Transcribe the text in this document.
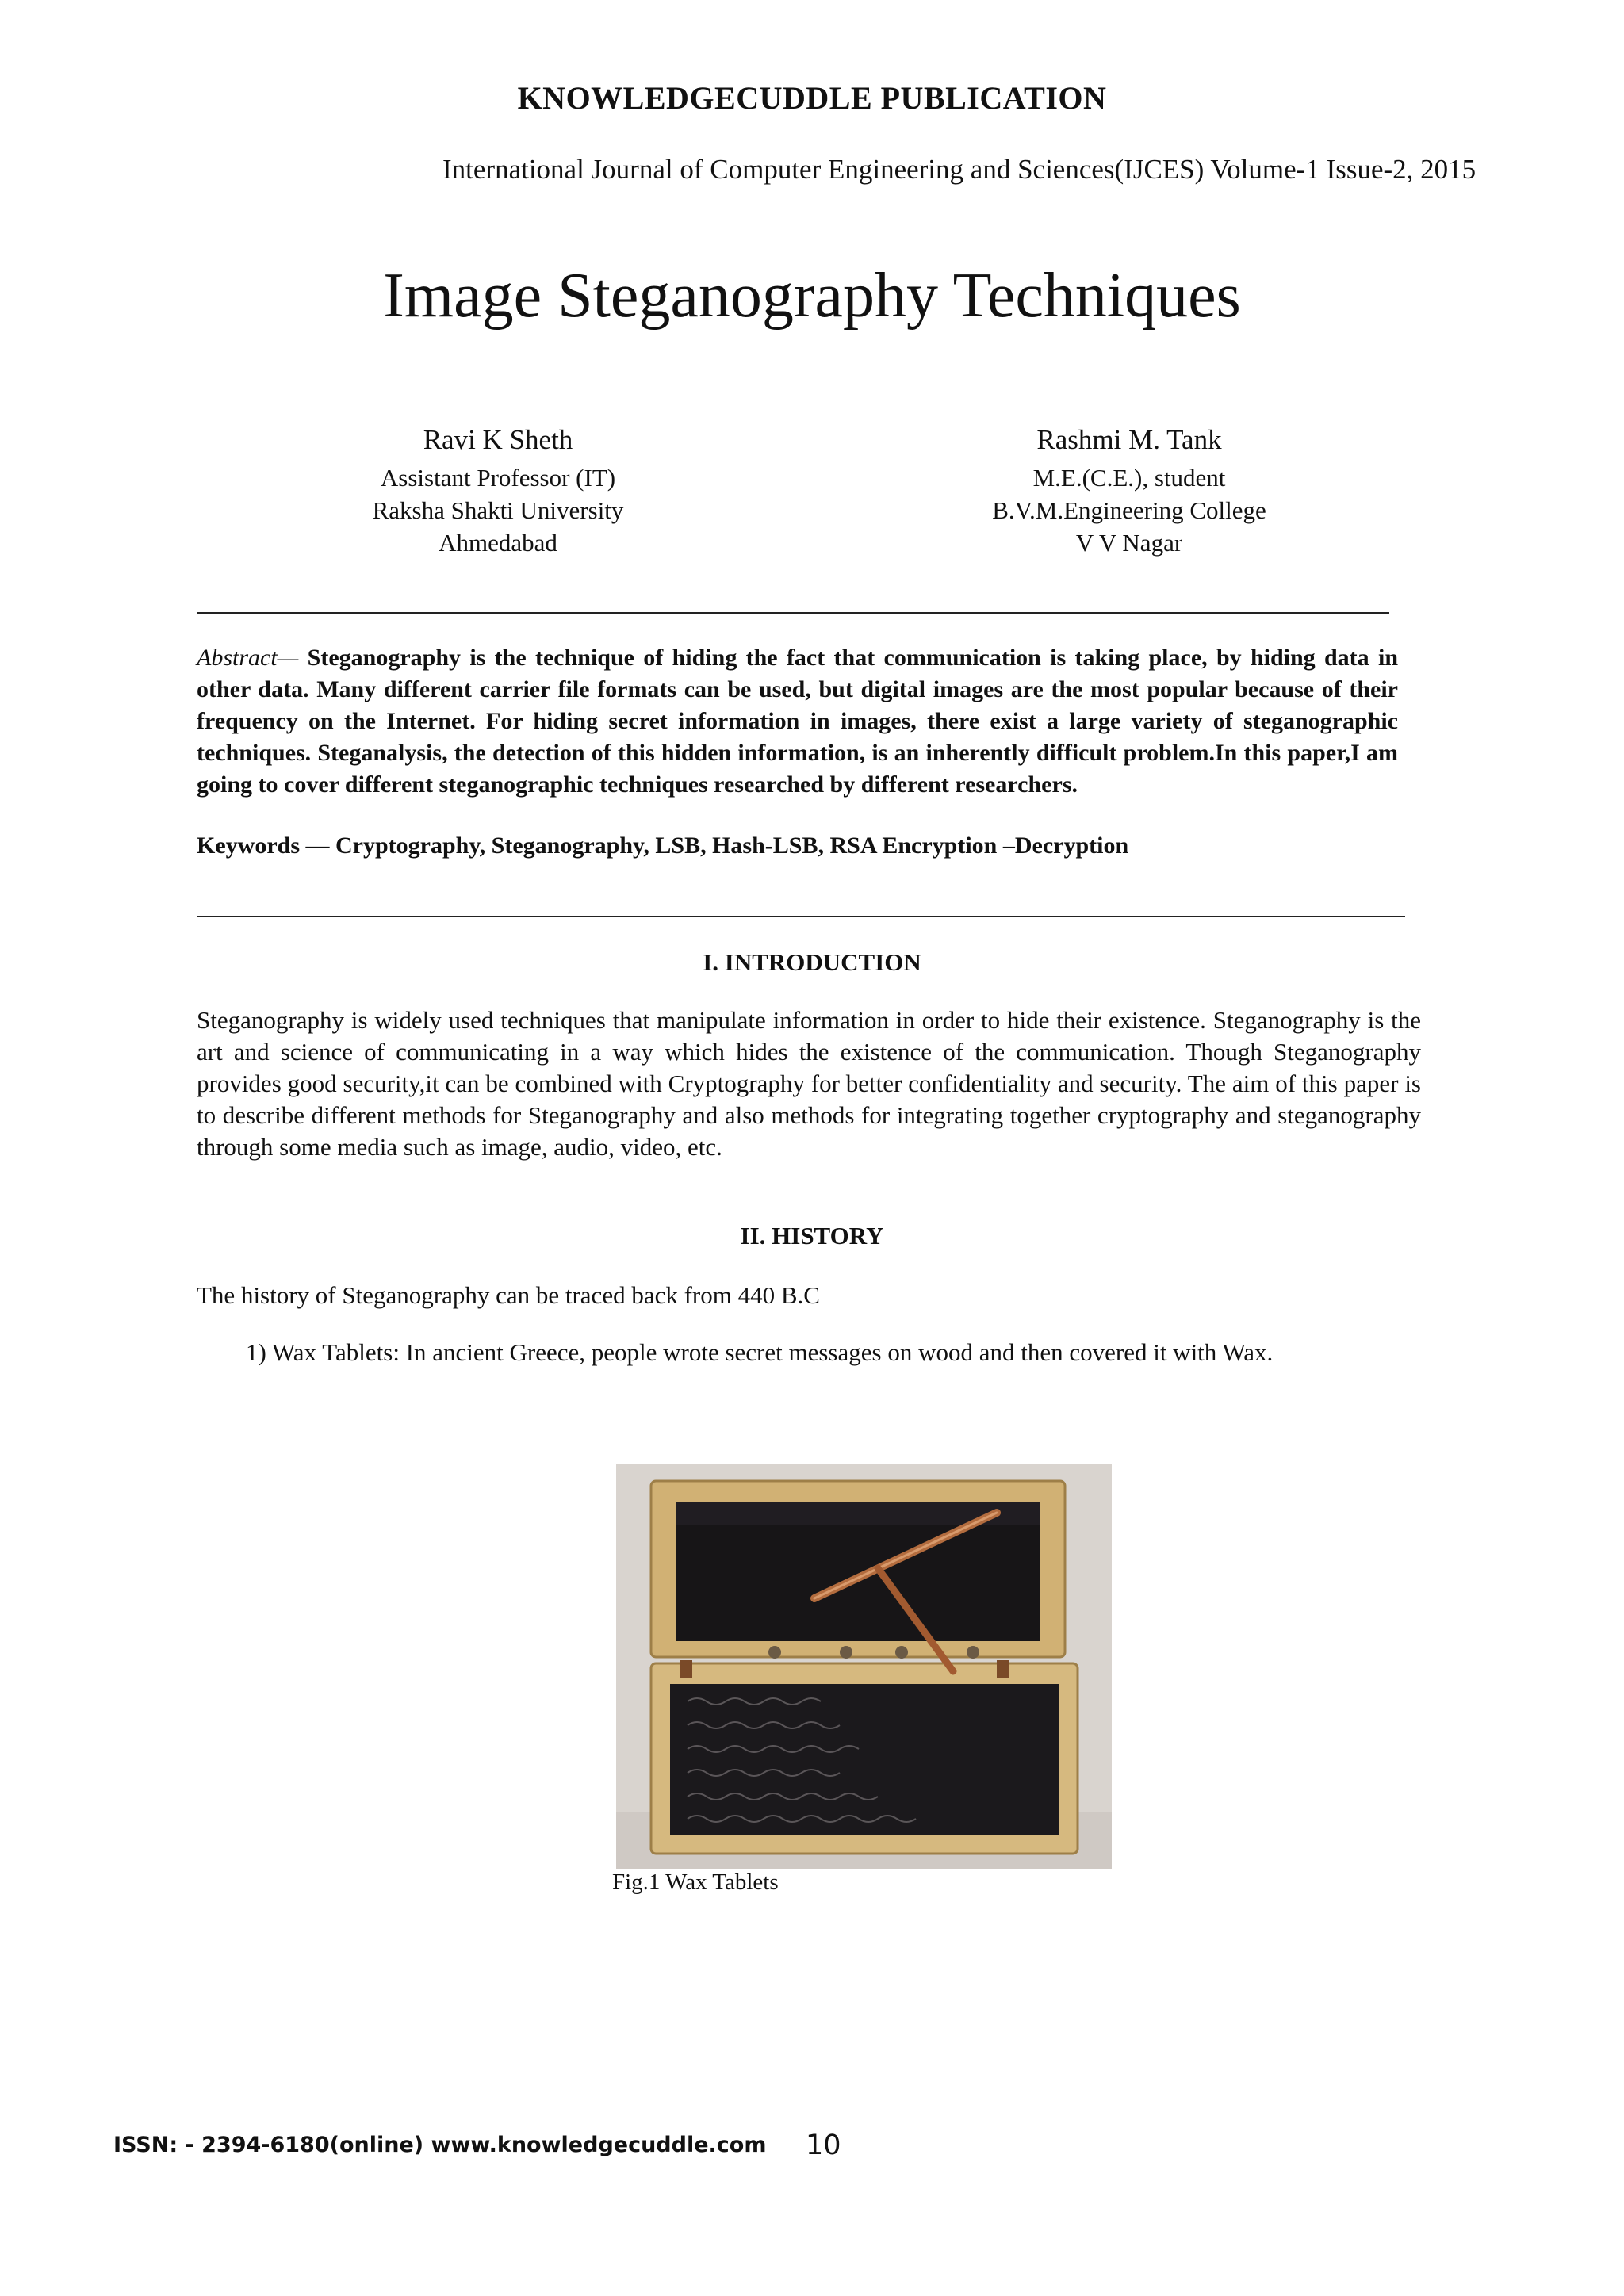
KNOWLEDGECUDDLE PUBLICATION
International Journal of Computer Engineering and Sciences(IJCES) Volume-1 Issue-2, 2015
Image Steganography Techniques
Ravi K Sheth
Assistant Professor (IT)
Raksha Shakti University
Ahmedabad
Rashmi M. Tank
M.E.(C.E.), student
B.V.M.Engineering College
V V Nagar
Abstract— Steganography is the technique of hiding the fact that communication is taking place, by hiding data in other data. Many different carrier file formats can be used, but digital images are the most popular because of their frequency on the Internet. For hiding secret information in images, there exist a large variety of steganographic techniques. Steganalysis, the detection of this hidden information, is an inherently difficult problem.In this paper,I am going to cover different steganographic techniques researched by different researchers.
Keywords — Cryptography, Steganography, LSB, Hash-LSB, RSA Encryption –Decryption
I. INTRODUCTION
Steganography is widely used techniques that manipulate information in order to hide their existence. Steganography is the art and science of communicating in a way which hides the existence of the communication. Though Steganography provides good security,it can be combined with Cryptography for better confidentiality and security. The aim of this paper is to describe different methods for Steganography and also methods for integrating together cryptography and steganography through some media such as image, audio, video, etc.
II. HISTORY
The history of Steganography can be traced back from 440 B.C
1) Wax Tablets: In ancient Greece, people wrote secret messages on wood and then covered it with Wax.
Fig.1 Wax Tablets
ISSN: - 2394-6180(online) www.knowledgecuddle.com 10
